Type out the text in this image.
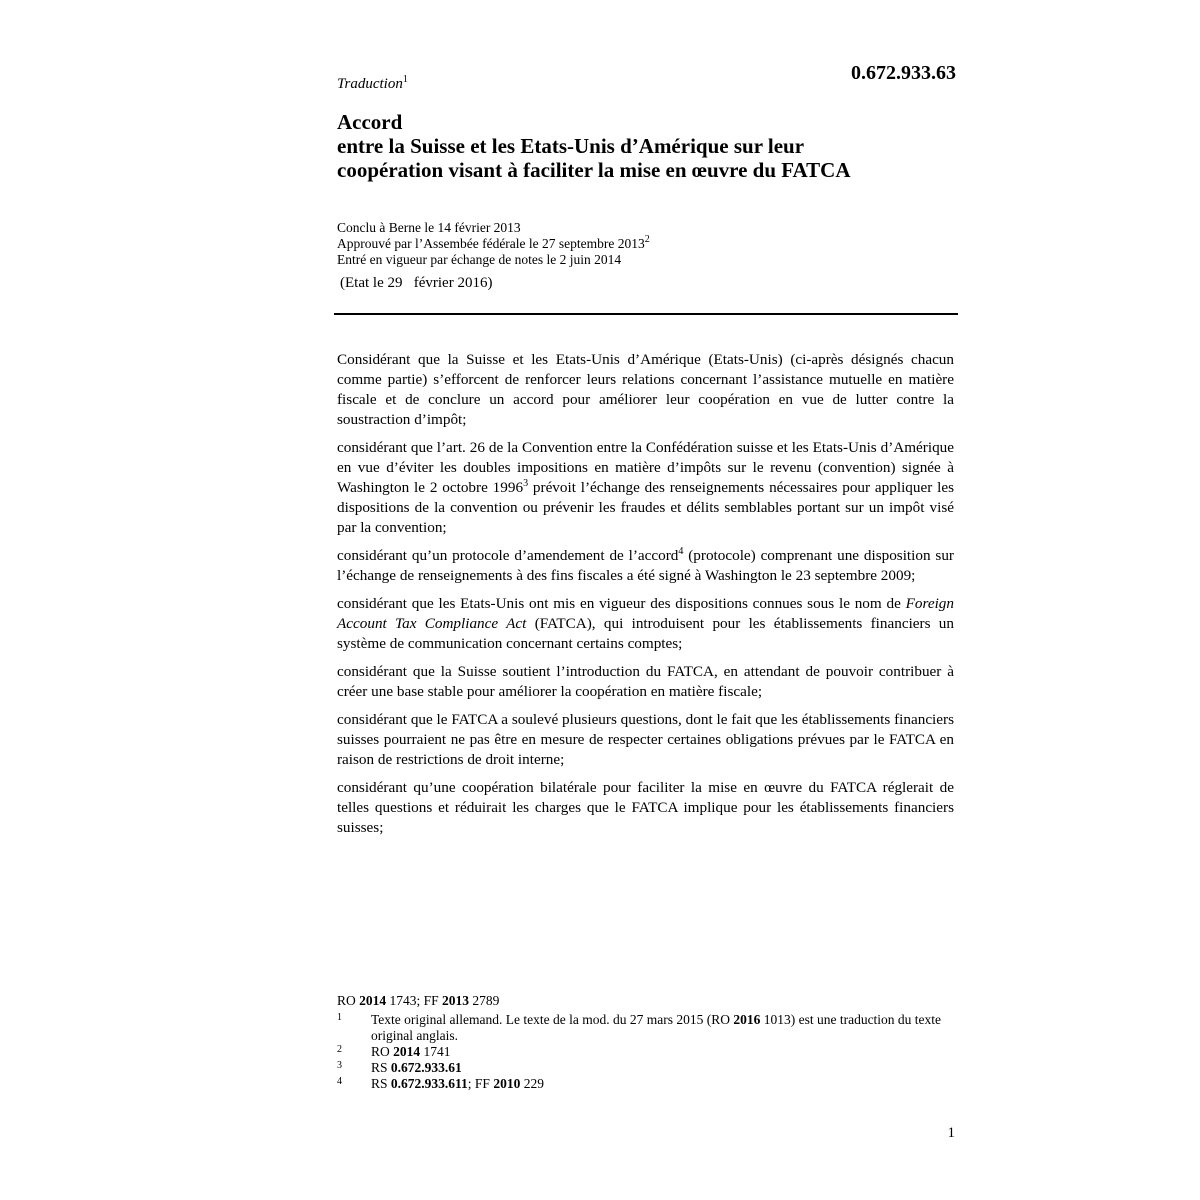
0.672.933.63
Traduction$^1$
Accord
entre la Suisse et les Etats-Unis d’Amérique sur leur
coopération visant à faciliter la mise en œuvre du FATCA
Conclu à Berne le 14 février 2013
Approuvé par l’Assembée fédérale le 27 septembre 2013$^2$
Entré en vigueur par échange de notes le 2 juin 2014
(Etat le 29   février 2016)

Considérant que la Suisse et les Etats-Unis d’Amérique (Etats-Unis) (ci-après désignés chacun comme partie) s’efforcent de renforcer leurs relations concernant l’assistance mutuelle en matière fiscale et de conclure un accord pour améliorer leur coopération en vue de lutter contre la soustraction d’impôt;

considérant que l’art. 26 de la Convention entre la Confédération suisse et les Etats-Unis d’Amérique en vue d’éviter les doubles impositions en matière d’impôts sur le revenu (convention) signée à Washington le 2 octobre 1996$^3$ prévoit l’échange des renseignements nécessaires pour appliquer les dispositions de la convention ou prévenir les fraudes et délits semblables portant sur un impôt visé par la convention;

considérant qu’un protocole d’amendement de l’accord$^4$ (protocole) comprenant une disposition sur l’échange de renseignements à des fins fiscales a été signé à Washington le 23 septembre 2009;

considérant que les Etats-Unis ont mis en vigueur des dispositions connues sous le nom de Foreign Account Tax Compliance Act (FATCA), qui introduisent pour les établissements financiers un système de communication concernant certains comptes;

considérant que la Suisse soutient l’introduction du FATCA, en attendant de pouvoir contribuer à créer une base stable pour améliorer la coopération en matière fiscale;

considérant que le FATCA a soulevé plusieurs questions, dont le fait que les établissements financiers suisses pourraient ne pas être en mesure de respecter certaines obligations prévues par le FATCA en raison de restrictions de droit interne;

considérant qu’une coopération bilatérale pour faciliter la mise en œuvre du FATCA réglerait de telles questions et réduirait les charges que le FATCA implique pour les établissements financiers suisses;

RO 2014 1743; FF 2013 2789
1	Texte original allemand. Le texte de la mod. du 27 mars 2015 (RO 2016 1013) est une traduction du texte original anglais.
2	RO 2014 1741
3	RS 0.672.933.61
4	RS 0.672.933.611; FF 2010 229
1
